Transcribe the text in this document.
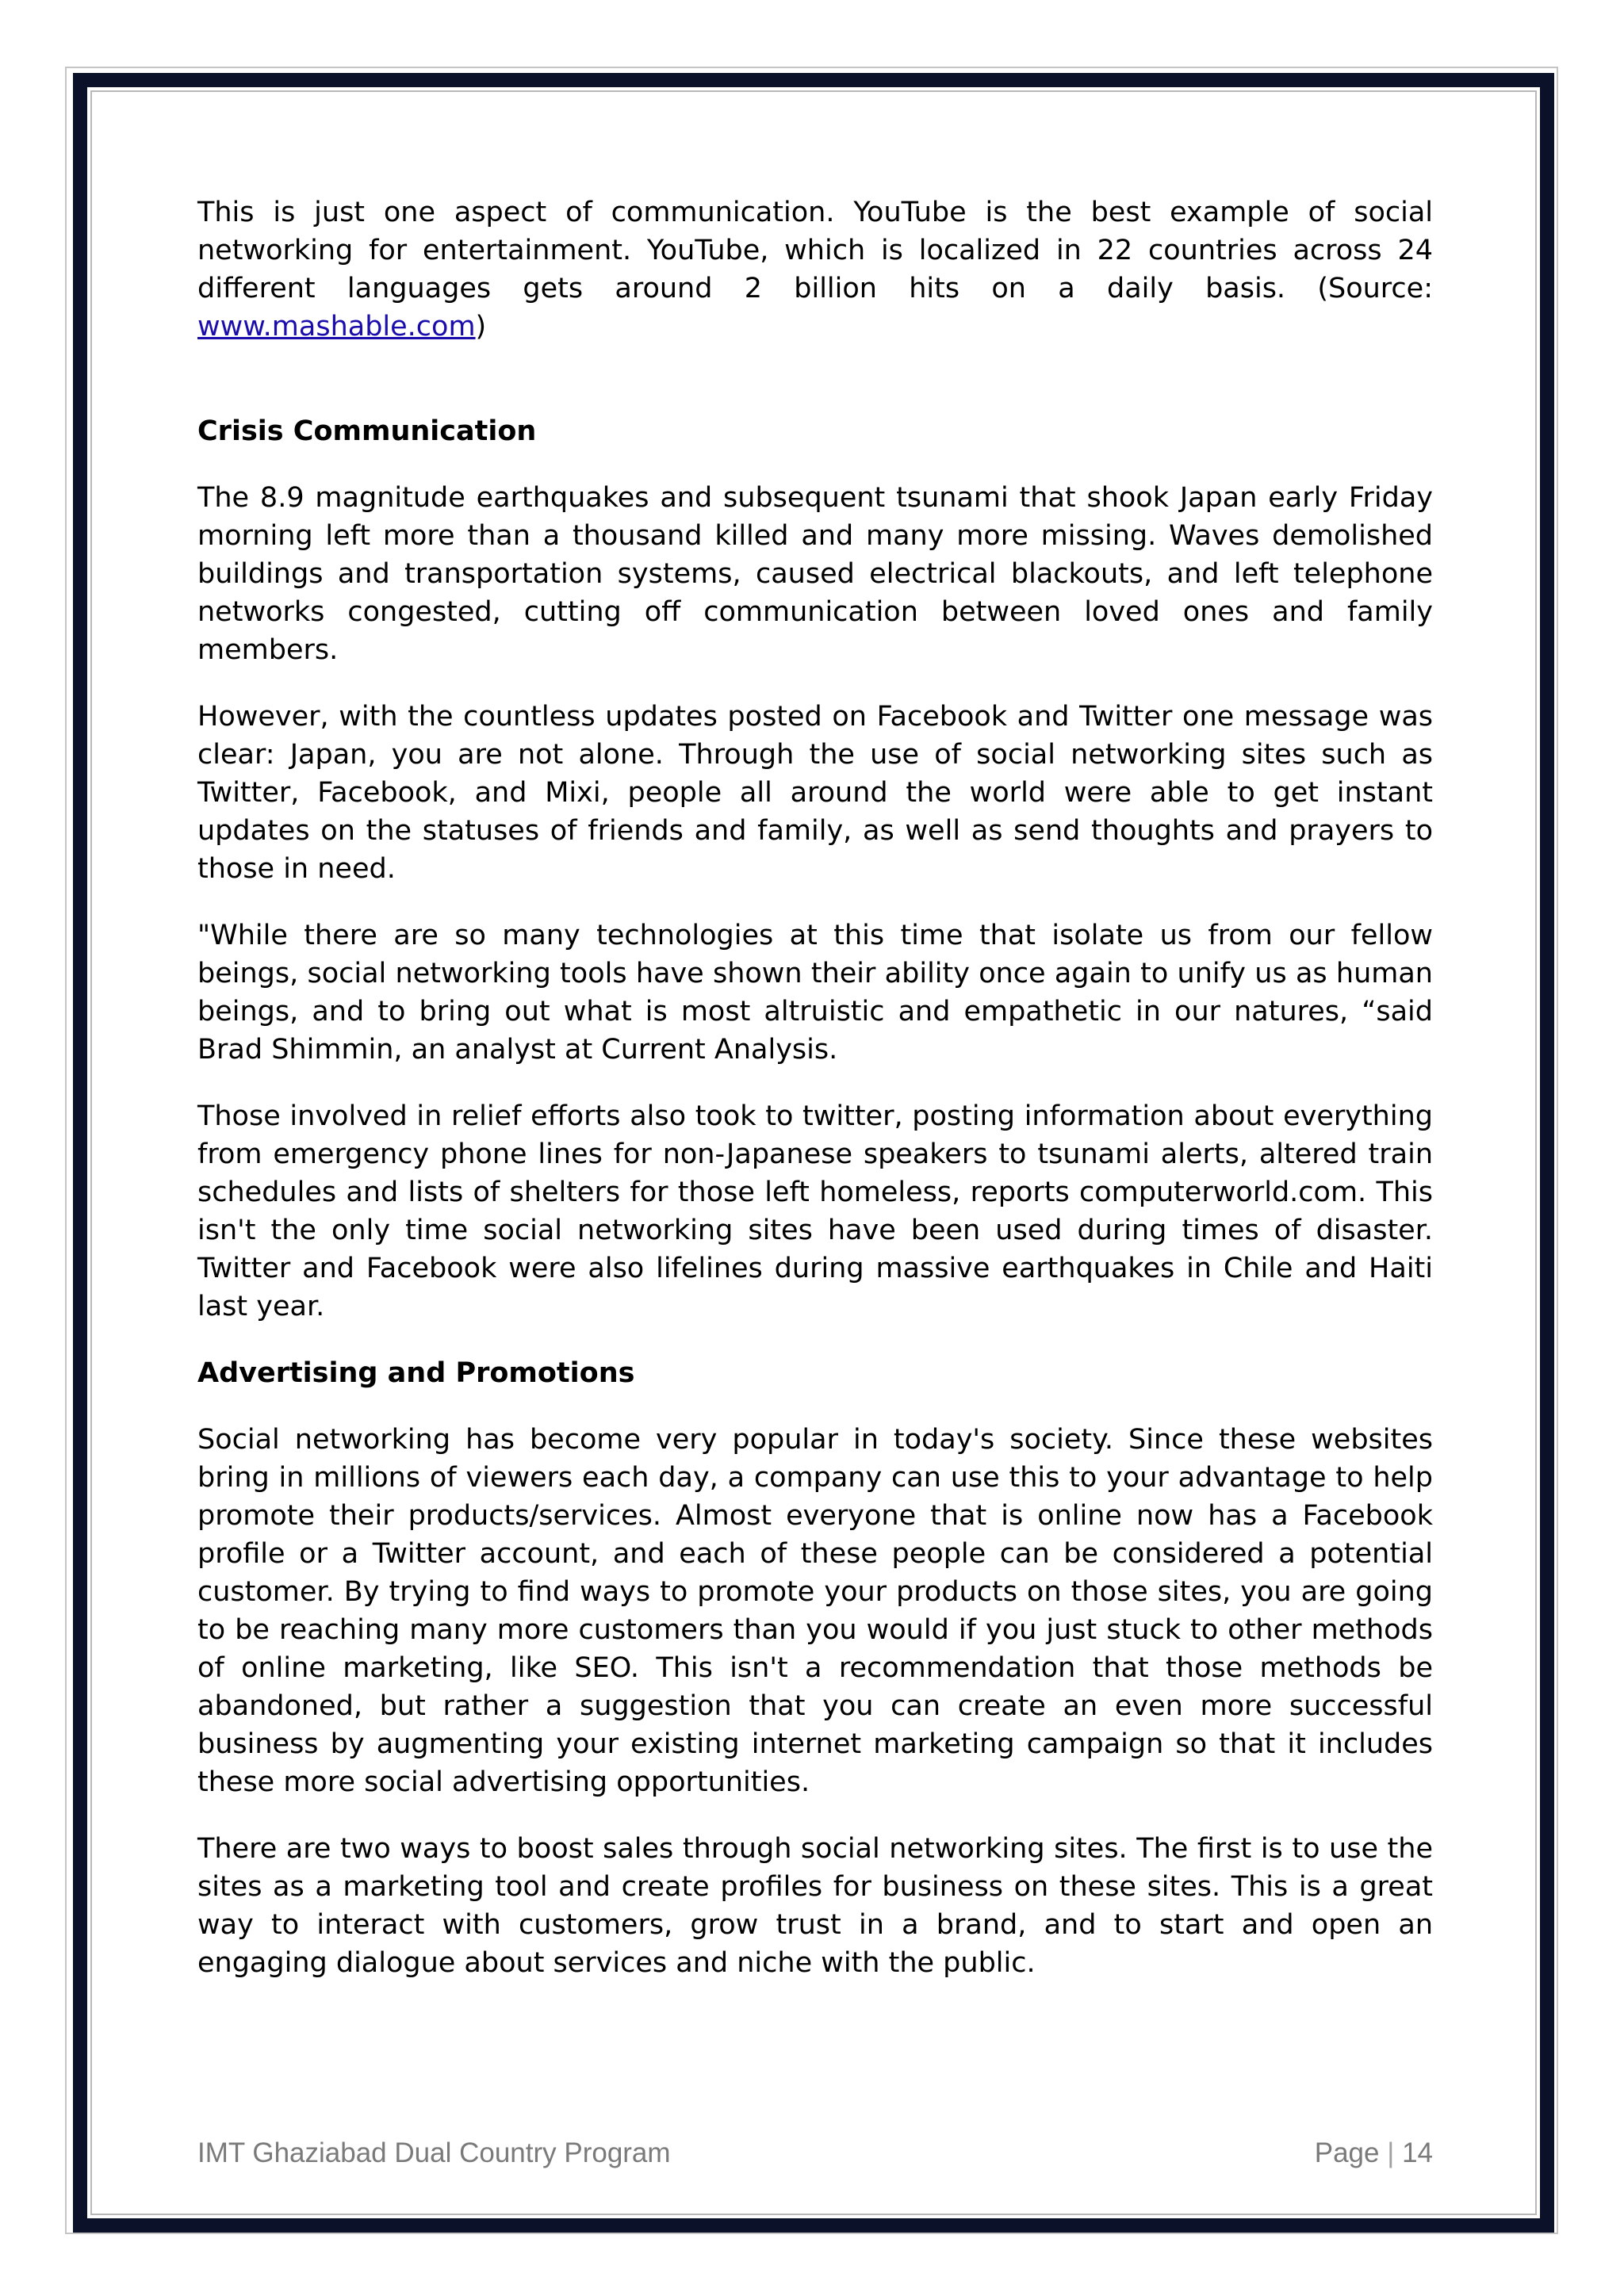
This is just one aspect of communication. YouTube is the best example of social networking for entertainment. YouTube, which is localized in 22 countries across 24 different languages gets around 2 billion hits on a daily basis. (Source: www.mashable.com)

Crisis Communication

The 8.9 magnitude earthquakes and subsequent tsunami that shook Japan early Friday morning left more than a thousand killed and many more missing. Waves demolished buildings and transportation systems, caused electrical blackouts, and left telephone networks congested, cutting off communication between loved ones and family members.

However, with the countless updates posted on Facebook and Twitter one message was clear: Japan, you are not alone. Through the use of social networking sites such as Twitter, Facebook, and Mixi, people all around the world were able to get instant updates on the statuses of friends and family, as well as send thoughts and prayers to those in need.

"While there are so many technologies at this time that isolate us from our fellow beings, social networking tools have shown their ability once again to unify us as human beings, and to bring out what is most altruistic and empathetic in our natures, “said Brad Shimmin, an analyst at Current Analysis.

Those involved in relief efforts also took to twitter, posting information about everything from emergency phone lines for non-Japanese speakers to tsunami alerts, altered train schedules and lists of shelters for those left homeless, reports computerworld.com. This isn't the only time social networking sites have been used during times of disaster. Twitter and Facebook were also lifelines during massive earthquakes in Chile and Haiti last year.

Advertising and Promotions

Social networking has become very popular in today's society. Since these websites bring in millions of viewers each day, a company can use this to your advantage to help promote their products/services. Almost everyone that is online now has a Facebook profile or a Twitter account, and each of these people can be considered a potential customer. By trying to find ways to promote your products on those sites, you are going to be reaching many more customers than you would if you just stuck to other methods of online marketing, like SEO. This isn't a recommendation that those methods be abandoned, but rather a suggestion that you can create an even more successful business by augmenting your existing internet marketing campaign so that it includes these more social advertising opportunities.

There are two ways to boost sales through social networking sites. The first is to use the sites as a marketing tool and create profiles for business on these sites. This is a great way to interact with customers, grow trust in a brand, and to start and open an engaging dialogue about services and niche with the public.

IMT Ghaziabad Dual Country Program	Page | 14
